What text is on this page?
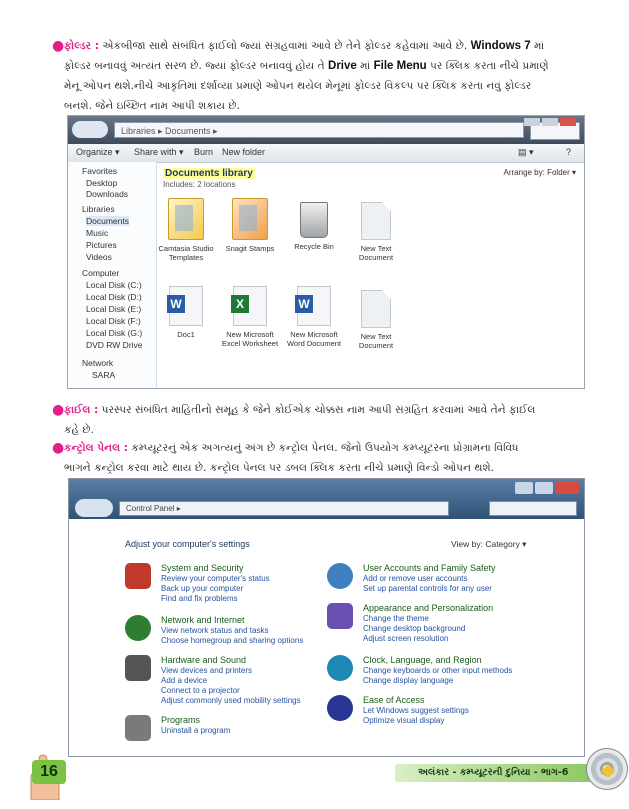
● ફોલ્ડર : એકબીજા સાથે સંબંધિત ફાઈલો જ્યાં સંગ્રહવામાં આવે છે તેને ફોલ્ડર કહેવામાં આવે છે. Windows 7 માં
ફોલ્ડર બનાવવું અત્યંત સરળ છે. જ્યાં ફોલ્ડર બનાવવું હોય તે Drive માં File Menu પર ક્લિક કરતા નીચે પ્રમાણે
મેનૂ ઓપન થશે.નીચે આકૃતિમાં દર્શાવ્યા પ્રમાણે ઓપન થયેલ મેનૂમાં ફોલ્ડર વિકલ્પ પર ક્લિક કરતા નવું ફોલ્ડર
બનશે. જેને ઇચ્છિત નામ આપી શકાય છે.
Libraries ▸ Documents ▸
Organize ▾ Share with ▾ Burn New folder	▤ ▾	?
Favorites
Desktop
Downloads
Libraries
Documents
Music
Pictures
Videos
Computer
Local Disk (C:)
Local Disk (D:)
Local Disk (E:)
Local Disk (F:)
Local Disk (G:)
DVD RW Drive
Network
SARA
Documents library
Includes: 2 locations
Arrange by: Folder ▾
Camtasia Studio Templates
Snagit Stamps	Recycle Bin	New Text Document
W
Doc1
X
New Microsoft Excel Worksheet
W
New Microsoft Word Document
New Text Document
● ફાઈલ : પરસ્પર સંબંધિત માહિતીનો સમૂહ કે જેને કોઈએક ચોક્કસ નામ આપી સંગ્રહિત કરવામાં આવે તેને ફાઈલ
કહે છે.
● કન્ટ્રોલ પેનલ : કમ્પ્યૂટરનું એક અગત્યનું અંગ છે કન્ટ્રોલ પેનલ. જેનો ઉપયોગ કમ્પ્યૂટરના પ્રોગ્રામના વિવિધ
ભાગને કન્ટ્રોલ કરવા માટે થાય છે. કન્ટ્રોલ પેનલ પર ડબલ ક્લિક કરતા નીચે પ્રમાણે વિન્ડો ઓપન થશે.
Control Panel ▸
Adjust your computer's settings	View by: Category ▾
System and Security
Review your computer's status
Back up your computer
Find and fix problems
Network and Internet
View network status and tasks
Choose homegroup and sharing options
Hardware and Sound
View devices and printers
Add a device
Connect to a projector
Adjust commonly used mobility settings
Programs
Uninstall a program
User Accounts and Family Safety
Add or remove user accounts
Set up parental controls for any user
Appearance and Personalization
Change the theme
Change desktop background
Adjust screen resolution
Clock, Language, and Region
Change keyboards or other input methods
Change display language
Ease of Access
Let Windows suggest settings
Optimize visual display
16	અલંકાર - કમ્પ્યૂટરની દુનિયા - ભાગ-6
